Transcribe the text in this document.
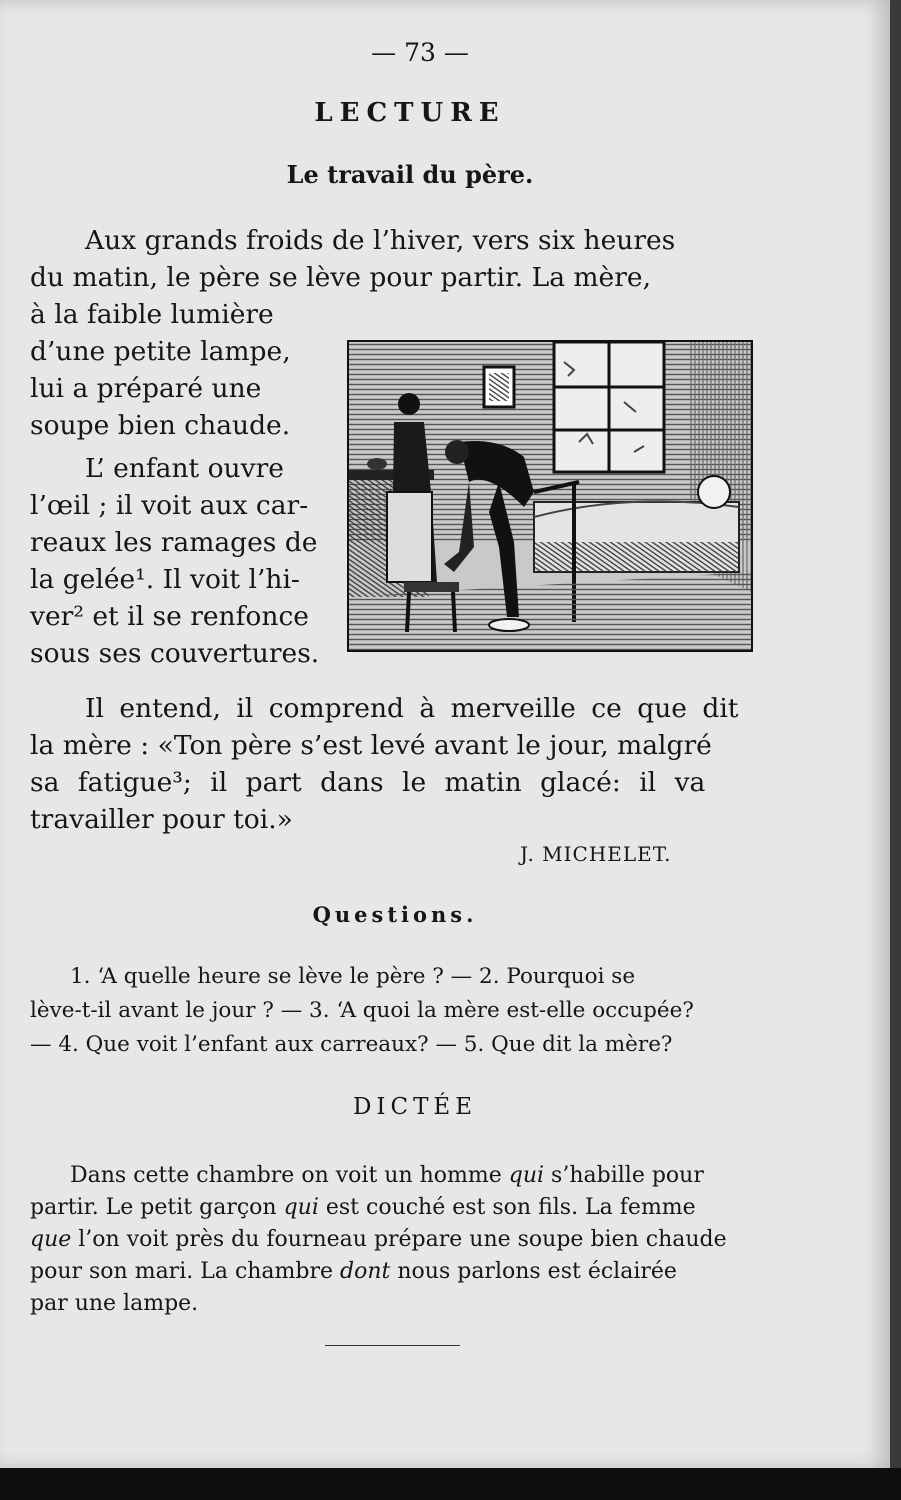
— 73 —
LECTURE
Le travail du père.
Aux grands froids de l’hiver, vers six heures
du matin, le père se lève pour partir. La mère,
à la faible lumière
d’une petite lampe,
lui a préparé une
soupe bien chaude.
L’ enfant ouvre
l’œil ; il voit aux car-
reaux les ramages de
la gelée¹. Il voit l’hi-
ver² et il se renfonce
sous ses couvertures.
Il entend, il comprend à merveille ce que dit
la mère : «Ton père s’est levé avant le jour, malgré
sa fatigue³; il part dans le matin glacé: il va
travailler pour toi.»
J. MICHELET.
Questions.
1. ‘A quelle heure se lève le père ? — 2. Pourquoi se
lève-t-il avant le jour ? — 3. ‘A quoi la mère est-elle occupée?
— 4. Que voit l’enfant aux carreaux? — 5. Que dit la mère?
DICTÉE
Dans cette chambre on voit un homme qui s’habille pour
partir. Le petit garçon qui est couché est son fils. La femme
que l’on voit près du fourneau prépare une soupe bien chaude
pour son mari. La chambre dont nous parlons est éclairée
par une lampe.
